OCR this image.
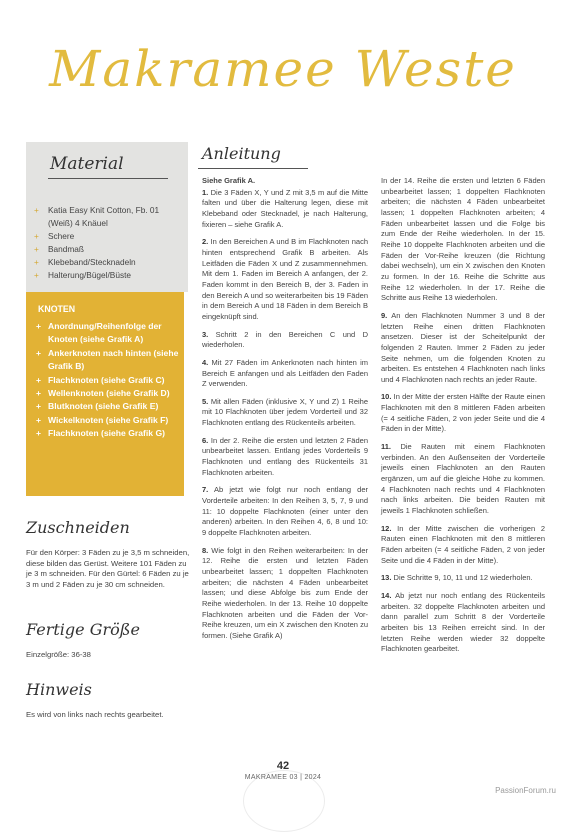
Makramee Weste
Material
+ Katia Easy Knit Cotton, Fb. 01 (Weiß) 4 Knäuel
+ Schere
+ Bandmaß
+ Klebeband/Stecknadeln
+ Halterung/Bügel/Büste
KNOTEN
+ Anordnung/Reihenfolge der Knoten (siehe Grafik A)
+ Ankerknoten nach hinten (siehe Grafik B)
+ Flachknoten (siehe Grafik C)
+ Wellenknoten (siehe Grafik D)
+ Blutknoten (siehe Grafik E)
+ Wickelknoten (siehe Grafik F)
+ Flachknoten (siehe Grafik G)
Zuschneiden
Für den Körper: 3 Fäden zu je 3,5 m schneiden, diese bilden das Gerüst. Weitere 101 Fäden zu je 3 m schneiden. Für den Gürtel: 6 Fäden zu je 3 m und 2 Fäden zu je 30 cm schneiden.
Fertige Größe
Einzelgröße: 36-38
Hinweis
Es wird von links nach rechts gearbeitet.
Anleitung
Siehe Grafik A.
1. Die 3 Fäden X, Y und Z mit 3,5 m auf die Mitte falten und über die Halterung legen, diese mit Klebeband oder Stecknadel, je nach Halterung, fixieren – siehe Grafik A.
2. In den Bereichen A und B im Flachknoten nach hinten entsprechend Grafik B arbeiten. Als Leitfäden die Fäden X und Z zusammennehmen. Mit dem 1. Faden im Bereich A anfangen, der 2. Faden kommt in den Bereich B, der 3. Faden in den Bereich A und so weiterarbeiten bis 19 Fäden in dem Bereich A und 18 Fäden in dem Bereich B eingeknüpft sind.
3. Schritt 2 in den Bereichen C und D wiederholen.
4. Mit 27 Fäden im Ankerknoten nach hinten im Bereich E anfangen und als Leitfäden den Faden Z verwenden.
5. Mit allen Fäden (inklusive X, Y und Z) 1 Reihe mit 10 Flachknoten über jedem Vorderteil und 32 Flachknoten entlang des Rückenteils arbeiten.
6. In der 2. Reihe die ersten und letzten 2 Fäden unbearbeitet lassen. Entlang jedes Vorderteils 9 Flachknoten und entlang des Rückenteils 31 Flachknoten arbeiten.
7. Ab jetzt wie folgt nur noch entlang der Vorderteile arbeiten: In den Reihen 3, 5, 7, 9 und 11: 10 doppelte Flachknoten (einer unter den anderen) arbeiten. In den Reihen 4, 6, 8 und 10: 9 doppelte Flachknoten arbeiten.
8. Wie folgt in den Reihen weiterarbeiten: In der 12. Reihe die ersten und letzten Fäden unbearbeitet lassen; 1 doppelten Flachknoten arbeiten; die nächsten 4 Fäden unbearbeitet lassen; und diese Abfolge bis zum Ende der Reihe wiederholen. In der 13. Reihe 10 doppelte Flachknoten arbeiten und die Fäden der Vor-Reihe kreuzen, um ein X zwischen den Knoten zu formen. (Siehe Grafik A)
In der 14. Reihe die ersten und letzten 6 Fäden unbearbeitet lassen; 1 doppelten Flachknoten arbeiten; die nächsten 4 Fäden unbearbeitet lassen; 1 doppelten Flachknoten arbeiten; 4 Fäden unbearbeitet lassen und die Folge bis zum Ende der Reihe wiederholen. In der 15. Reihe 10 doppelte Flachknoten arbeiten und die Fäden der Vor-Reihe kreuzen (die Richtung dabei wechseln), um ein X zwischen den Knoten zu formen. In der 16. Reihe die Schritte aus Reihe 12 wiederholen. In der 17. Reihe die Schritte aus Reihe 13 wiederholen.
9. An den Flachknoten Nummer 3 und 8 der letzten Reihe einen dritten Flachknoten ansetzen. Dieser ist der Scheitelpunkt der folgenden 2 Rauten. Immer 2 Fäden zu jeder Seite nehmen, um die folgenden Knoten zu arbeiten. Es entstehen 4 Flachknoten nach links und 4 Flachknoten nach rechts an jeder Raute.
10. In der Mitte der ersten Hälfte der Raute einen Flachknoten mit den 8 mittleren Fäden arbeiten (= 4 seitliche Fäden, 2 von jeder Seite und die 4 Fäden in der Mitte).
11. Die Rauten mit einem Flachknoten verbinden. An den Außenseiten der Vorderteile jeweils einen Flachknoten an den Rauten ergänzen, um auf die gleiche Höhe zu kommen. 4 Flachknoten nach rechts und 4 Flachknoten nach links arbeiten. Die beiden Rauten mit jeweils 1 Flachknoten schließen.
12. In der Mitte zwischen die vorherigen 2 Rauten einen Flachknoten mit den 8 mittleren Fäden arbeiten (= 4 seitliche Fäden, 2 von jeder Seite und die 4 Fäden in der Mitte).
13. Die Schritte 9, 10, 11 und 12 wiederholen.
14. Ab jetzt nur noch entlang des Rückenteils arbeiten. 32 doppelte Flachknoten arbeiten und dann parallel zum Schritt 8 der Vorderteile arbeiten bis 13 Reihen erreicht sind. In der letzten Reihe werden wieder 32 doppelte Flachknoten gearbeitet.
42
MAKRAMEE 03 | 2024
PassionForum.ru
